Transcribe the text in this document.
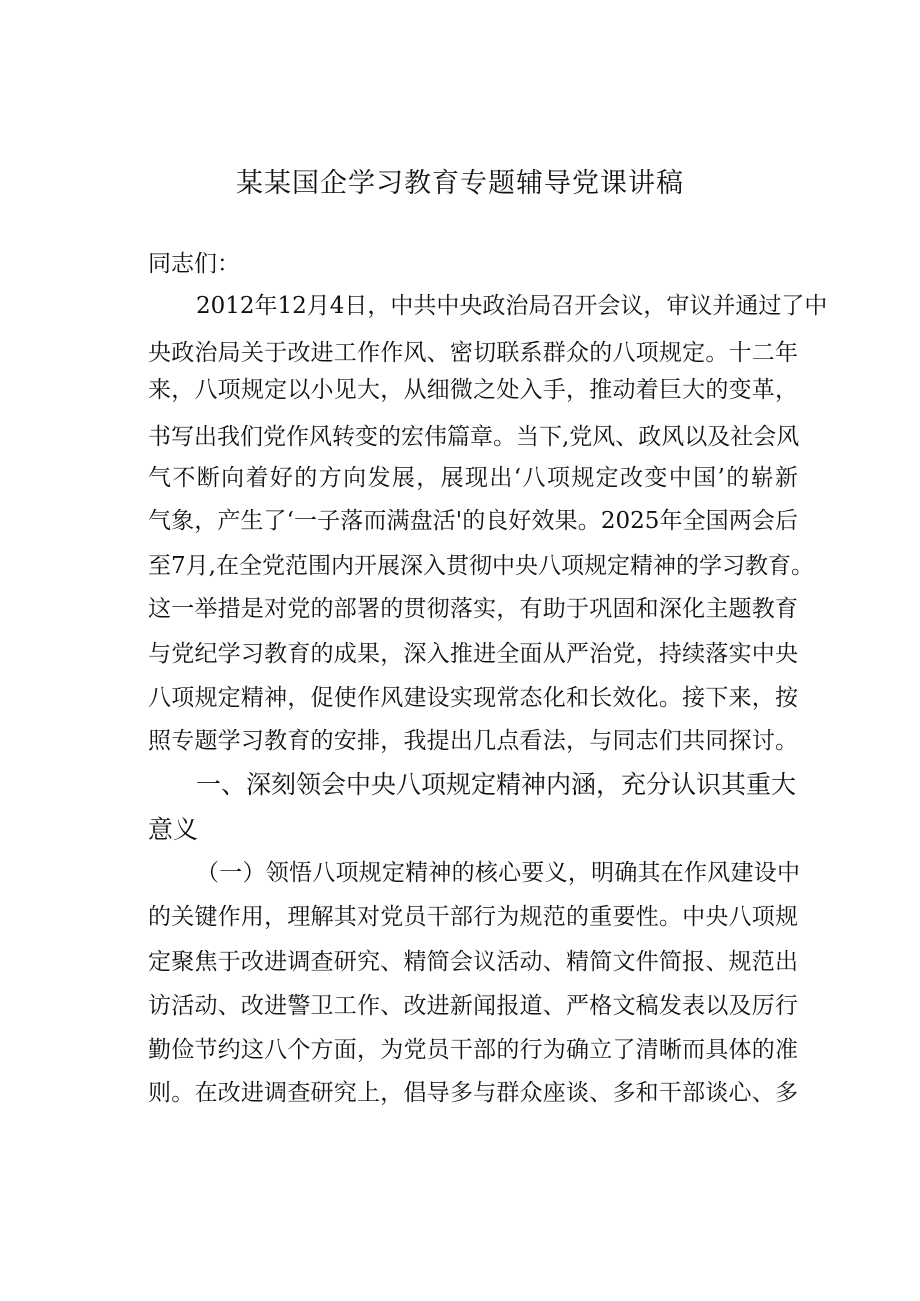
某某国企学习教育专题辅导党课讲稿
同志们：
2012年12月4日，中共中央政治局召开会议，审议并通过了中
央政治局关于改进工作作风、密切联系群众的八项规定。十二年
来，八项规定以小见大，从细微之处入手，推动着巨大的变革，
书写出我们党作风转变的宏伟篇章。当下,党风、政风以及社会风
气不断向着好的方向发展，展现出‘八项规定改变中国’的崭新
气象，产生了‘一子落而满盘活'的良好效果。2025年全国两会后
至7月,在全党范围内开展深入贯彻中央八项规定精神的学习教育。
这一举措是对党的部署的贯彻落实，有助于巩固和深化主题教育
与党纪学习教育的成果，深入推进全面从严治党，持续落实中央
八项规定精神，促使作风建设实现常态化和长效化。接下来，按
照专题学习教育的安排，我提出几点看法，与同志们共同探讨。
一、深刻领会中央八项规定精神内涵，充分认识其重大
意义
（一）领悟八项规定精神的核心要义，明确其在作风建设中
的关键作用，理解其对党员干部行为规范的重要性。中央八项规
定聚焦于改进调查研究、精简会议活动、精简文件简报、规范出
访活动、改进警卫工作、改进新闻报道、严格文稿发表以及厉行
勤俭节约这八个方面，为党员干部的行为确立了清晰而具体的准
则。在改进调查研究上，倡导多与群众座谈、多和干部谈心、多
